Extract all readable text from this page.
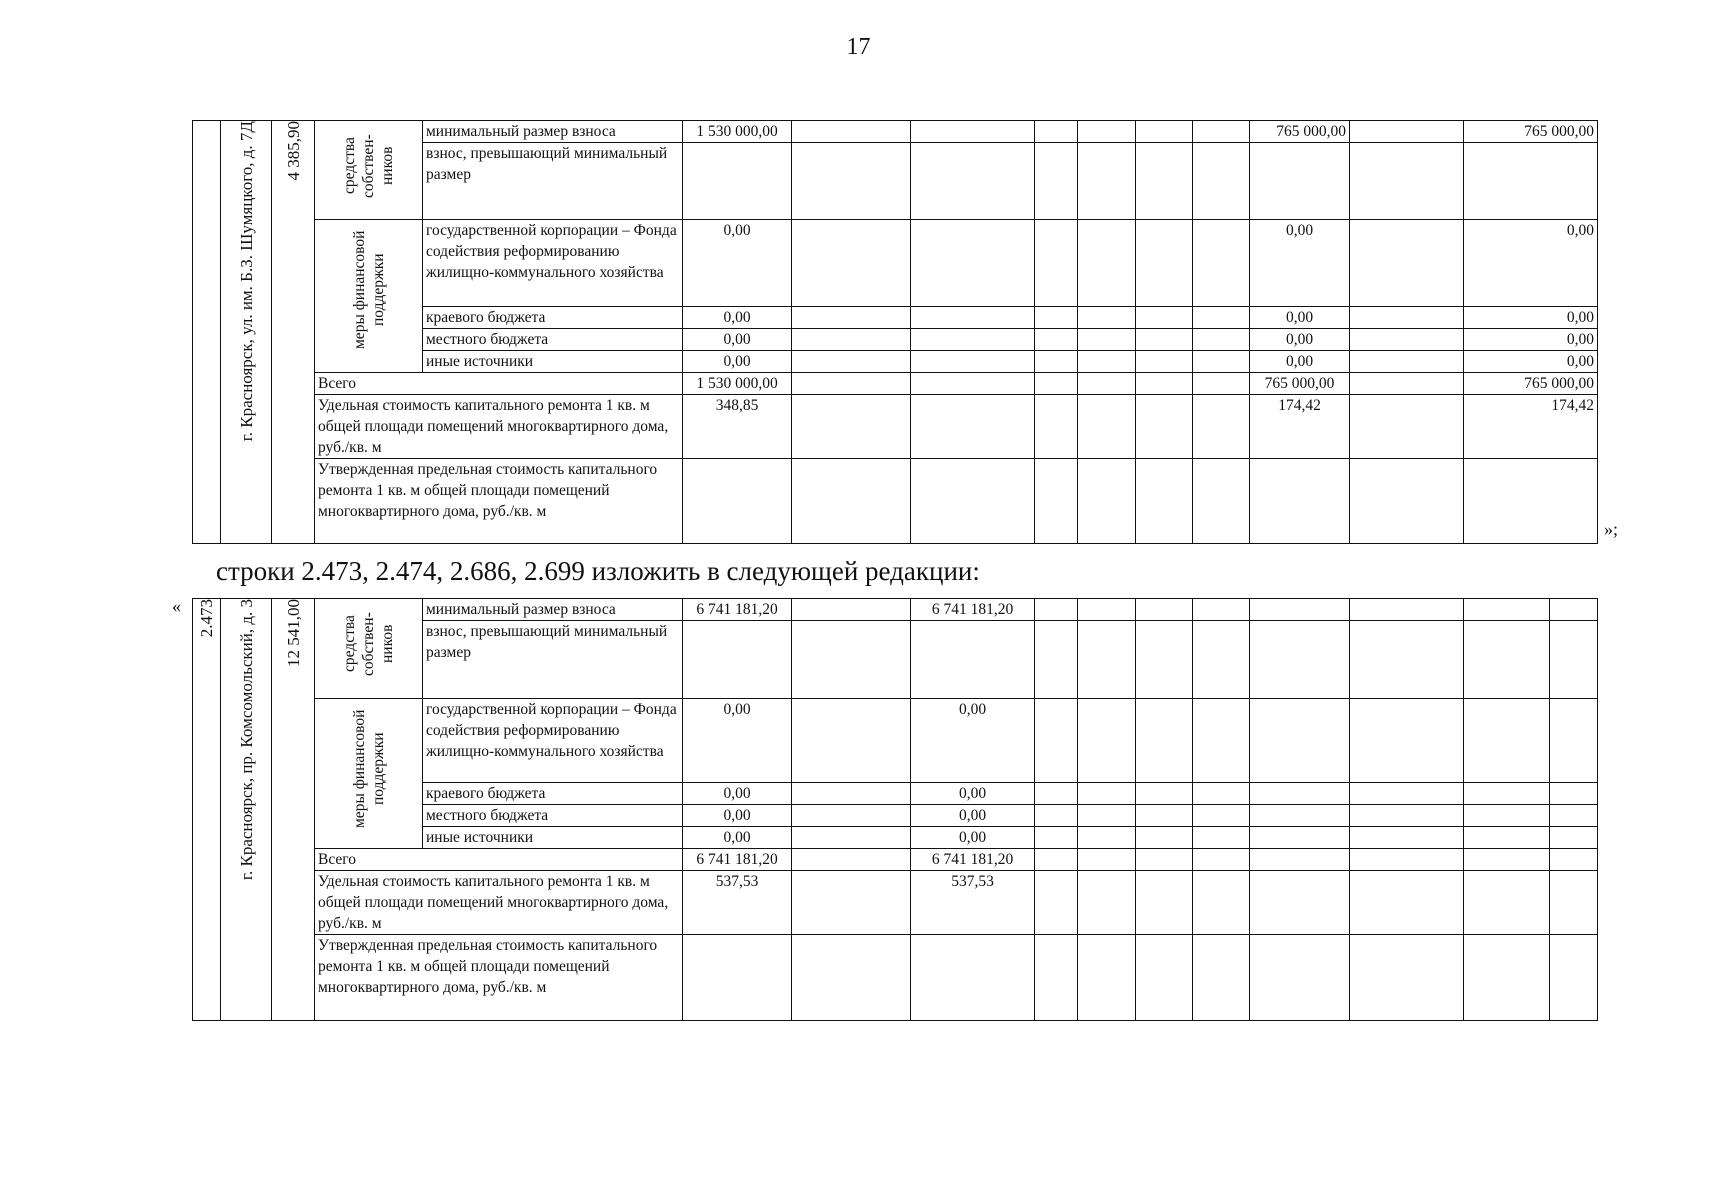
17
	г. Красноярск, ул. им. Б.З. Шумяцкого, д. 7Д	4 385,90	средства собствен- ников	минимальный размер взноса	1 530 000,00							765 000,00		765 000,00
				взнос, превышающий минимальный размер										
			меры финансовой поддержки	государственной корпорации – Фонда содействия реформированию жилищно-коммунального хозяйства	0,00							0,00		0,00
				краевого бюджета	0,00							0,00		0,00
				местного бюджета	0,00							0,00		0,00
				иные источники	0,00							0,00		0,00
			Всего		1 530 000,00							765 000,00		765 000,00
			Удельная стоимость капитального ремонта 1 кв. м общей площади помещений многоквартирного дома, руб./кв. м		348,85							174,42		174,42
			Утвержденная предельная стоимость капитального ремонта 1 кв. м общей площади помещений многоквартирного дома, руб./кв. м											
»;
строки 2.473, 2.474, 2.686, 2.699 изложить в следующей редакции:
« 2.473	г. Красноярск, пр. Комсомольский, д. 3	12 541,00	средства собствен- ников	минимальный размер взноса	6 741 181,20		6 741 181,20								
				взнос, превышающий минимальный размер											
			меры финансовой поддержки	государственной корпорации – Фонда содействия реформированию жилищно-коммунального хозяйства	0,00		0,00								
				краевого бюджета	0,00		0,00								
				местного бюджета	0,00		0,00								
				иные источники	0,00		0,00								
			Всего		6 741 181,20		6 741 181,20								
			Удельная стоимость капитального ремонта 1 кв. м общей площади помещений многоквартирного дома, руб./кв. м		537,53		537,53								
			Утвержденная предельная стоимость капитального ремонта 1 кв. м общей площади помещений многоквартирного дома, руб./кв. м												
